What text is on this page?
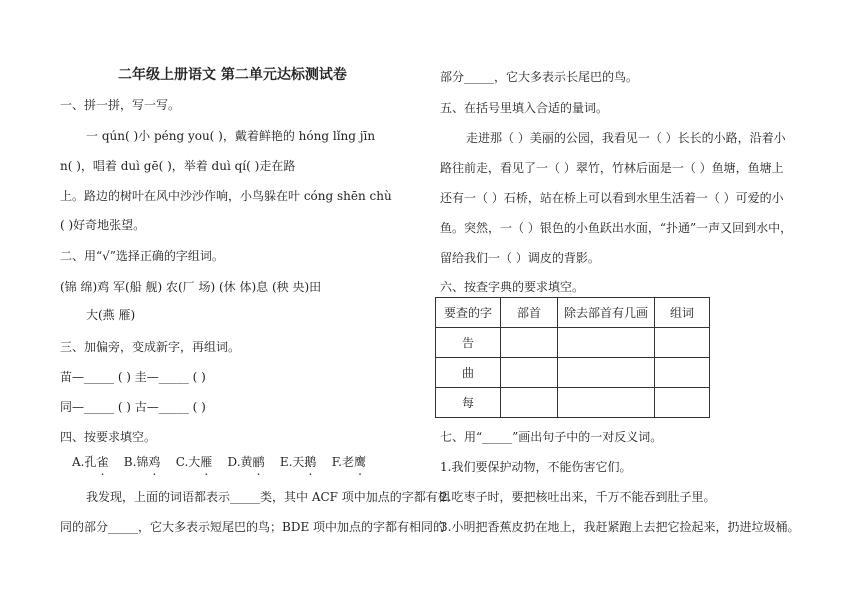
二年级上册语文 第二单元达标测试卷
一、拼一拼，写一写。
一 qún( )小 péng you( )，戴着鲜艳的 hóng lǐng jīn
n( )，唱着 duì gē( )，举着 duì qí( )走在路
上。路边的树叶在风中沙沙作响，小鸟躲在叶 cóng shēn chù
( )好奇地张望。
二、用“√”选择正确的字组词。
(锦 绵)鸡 军(船 舰) 农(厂 场) (休 体)息 (秧 央)田
大(燕 雁)
三、加偏旁，变成新字，再组词。
苗—_____ ( ) 圭—_____ ( )
同—_____ ( ) 古—_____ ( )
四、按要求填空。
A.孔雀 B.锦鸡 C.大雁 D.黄鹂 E.天鹅 F.老鹰
我发现，上面的词语都表示_____类，其中 ACF 项中加点的字都有相
同的部分_____，它大多表示短尾巴的鸟；BDE 项中加点的字都有相同的
部分_____，它大多表示长尾巴的鸟。
五、在括号里填入合适的量词。
走进那（ ）美丽的公园，我看见一（ ）长长的小路，沿着小
路往前走，看见了一（ ）翠竹，竹林后面是一（ ）鱼塘，鱼塘上
还有一（ ）石桥，站在桥上可以看到水里生活着一（ ）可爱的小
鱼。突然，一（ ）银色的小鱼跃出水面，“扑通”一声又回到水中，
留给我们一（ ）调皮的背影。
六、按查字典的要求填空。
七、用“_____”画出句子中的一对反义词。
1.我们要保护动物，不能伤害它们。
2.吃枣子时，要把核吐出来，千万不能吞到肚子里。
3.小明把香蕉皮扔在地上，我赶紧跑上去把它捡起来，扔进垃圾桶。
要查的字	部首	除去部首有几画	组词
告			
曲			
每			
